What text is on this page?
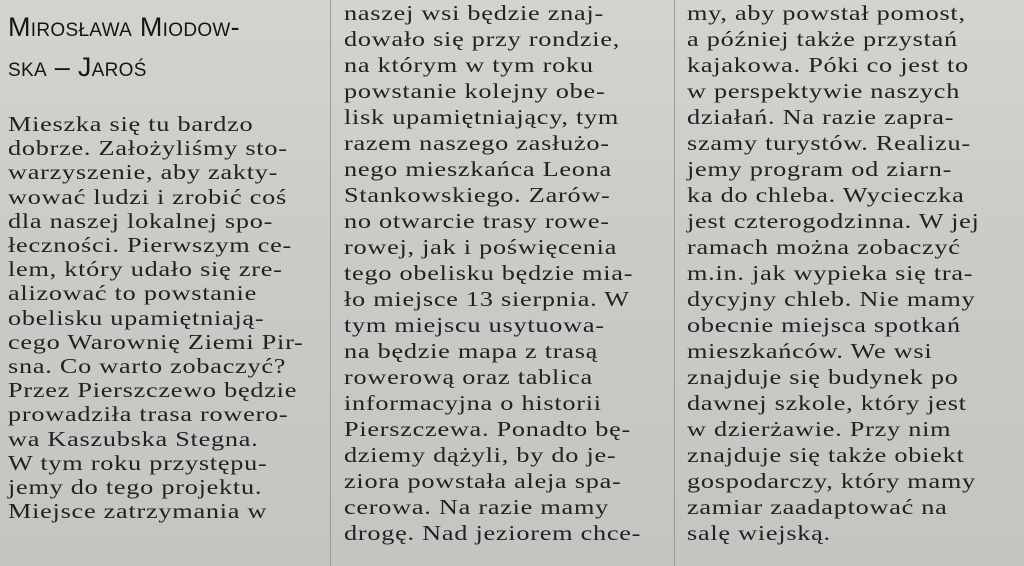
Mirosława Miodow-
ska – Jaroś
Mieszka się tu bardzo
dobrze. Założyliśmy sto-
warzyszenie, aby zakty-
wować ludzi i zrobić coś
dla naszej lokalnej spo-
łeczności. Pierwszym ce-
lem, który udało się zre-
alizować to powstanie
obelisku upamiętniają-
cego Warownię Ziemi Pir-
sna. Co warto zobaczyć?
Przez Pierszczewo będzie
prowadziła trasa rowero-
wa Kaszubska Stegna.
W tym roku przystępu-
jemy do tego projektu.
Miejsce zatrzymania w
naszej wsi będzie znaj-
dowało się przy rondzie,
na którym w tym roku
powstanie kolejny obe-
lisk upamiętniający, tym
razem naszego zasłużo-
nego mieszkańca Leona
Stankowskiego. Zarów-
no otwarcie trasy rowe-
rowej, jak i poświęcenia
tego obelisku będzie mia-
ło miejsce 13 sierpnia. W
tym miejscu usytuowa-
na będzie mapa z trasą
rowerową oraz tablica
informacyjna o historii
Pierszczewa. Ponadto bę-
dziemy dążyli, by do je-
ziora powstała aleja spa-
cerowa. Na razie mamy
drogę. Nad jeziorem chce-
my, aby powstał pomost,
a później także przystań
kajakowa. Póki co jest to
w perspektywie naszych
działań. Na razie zapra-
szamy turystów. Realizu-
jemy program od ziarn-
ka do chleba. Wycieczka
jest czterogodzinna. W jej
ramach można zobaczyć
m.in. jak wypieka się tra-
dycyjny chleb. Nie mamy
obecnie miejsca spotkań
mieszkańców. We wsi
znajduje się budynek po
dawnej szkole, który jest
w dzierżawie. Przy nim
znajduje się także obiekt
gospodarczy, który mamy
zamiar zaadaptować na
salę wiejską.
